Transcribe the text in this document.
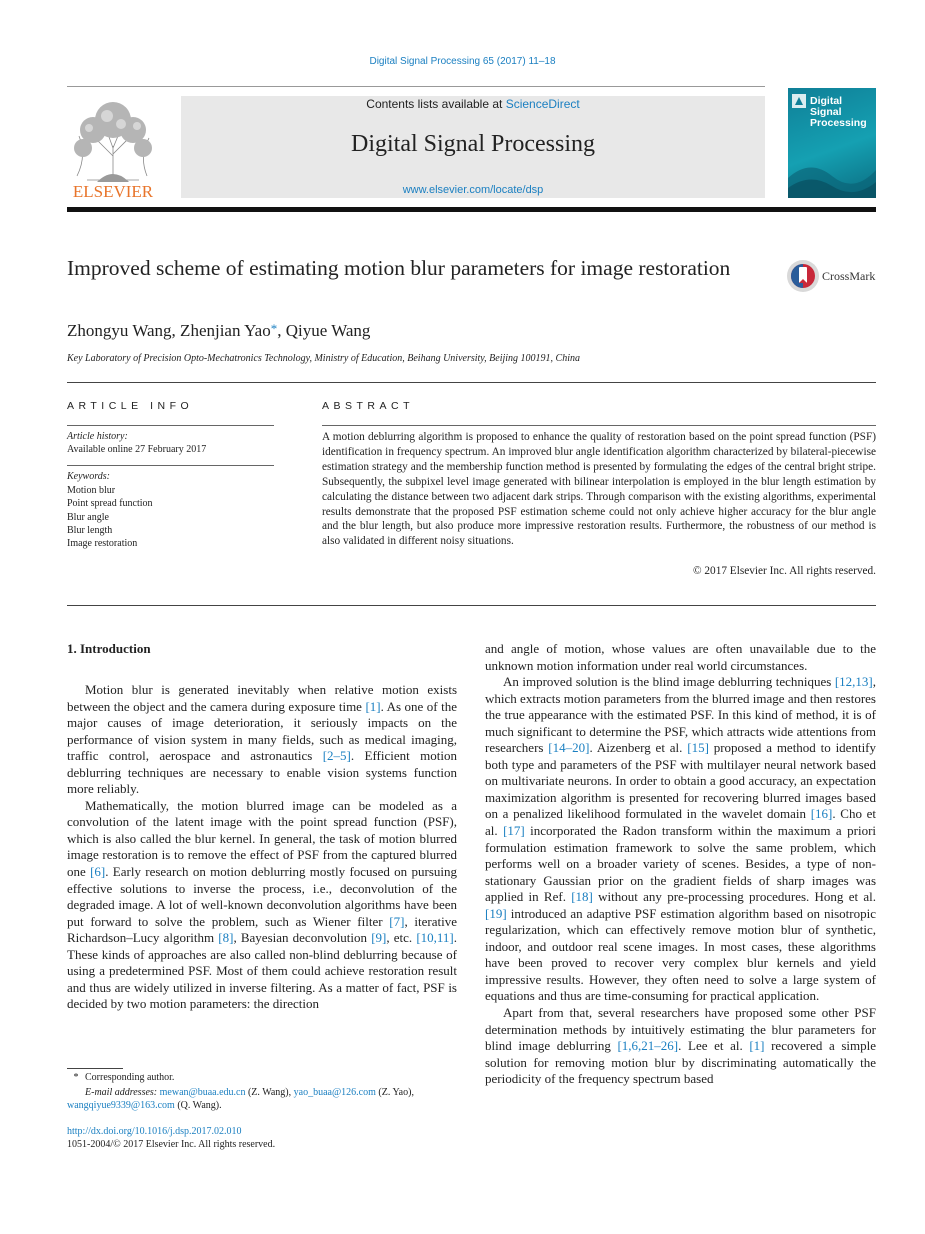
Digital Signal Processing 65 (2017) 11–18
ELSEVIER
Contents lists available at ScienceDirect
Digital Signal Processing
www.elsevier.com/locate/dsp
Digital
Signal
Processing
Improved scheme of estimating motion blur parameters for image restoration	CrossMark
Zhongyu Wang, Zhenjian Yao*, Qiyue Wang
Key Laboratory of Precision Opto-Mechatronics Technology, Ministry of Education, Beihang University, Beijing 100191, China
ARTICLE INFO
Article history:
Available online 27 February 2017
Keywords:
Motion blur
Point spread function
Blur angle
Blur length
Image restoration
ABSTRACT
A motion deblurring algorithm is proposed to enhance the quality of restoration based on the point spread function (PSF) identification in frequency spectrum. An improved blur angle identification algorithm characterized by bilateral-piecewise estimation strategy and the membership function method is presented by formulating the edges of the central bright stripe. Subsequently, the subpixel level image generated with bilinear interpolation is employed in the blur length estimation by calculating the distance between two adjacent dark strips. Through comparison with the existing algorithms, experimental results demonstrate that the proposed PSF estimation scheme could not only achieve higher accuracy for the blur angle and the blur length, but also produce more impressive restoration results. Furthermore, the robustness of our method is also validated in different noisy situations.
© 2017 Elsevier Inc. All rights reserved.
1. Introduction

Motion blur is generated inevitably when relative motion exists between the object and the camera during exposure time [1]. As one of the major causes of image deterioration, it seriously impacts on the performance of vision system in many fields, such as medical imaging, traffic control, aerospace and astronautics [2–5]. Efficient motion deblurring techniques are necessary to enable vision systems function more reliably.

Mathematically, the motion blurred image can be modeled as a convolution of the latent image with the point spread function (PSF), which is also called the blur kernel. In general, the task of motion blurred image restoration is to remove the effect of PSF from the captured blurred one [6]. Early research on motion deblurring mostly focused on pursuing effective solutions to inverse the process, i.e., deconvolution of the degraded image. A lot of well-known deconvolution algorithms have been put forward to solve the problem, such as Wiener filter [7], iterative Richardson–Lucy algorithm [8], Bayesian deconvolution [9], etc. [10,11]. These kinds of approaches are also called non-blind deblurring because of using a predetermined PSF. Most of them could achieve restoration result and thus are widely utilized in inverse filtering. As a matter of fact, PSF is decided by two motion parameters: the direction

and angle of motion, whose values are often unavailable due to the unknown motion information under real world circumstances.

An improved solution is the blind image deblurring techniques [12,13], which extracts motion parameters from the blurred image and then restores the true appearance with the estimated PSF. In this kind of method, it is of much significant to determine the PSF, which attracts wide attentions from researchers [14–20]. Aizenberg et al. [15] proposed a method to identify both type and parameters of the PSF with multilayer neural network based on multivariate neurons. In order to obtain a good accuracy, an expectation maximization algorithm is presented for recovering blurred images based on a penalized likelihood formulated in the wavelet domain [16]. Cho et al. [17] incorporated the Radon transform within the maximum a priori formulation estimation framework to solve the same problem, which performs well on a broader variety of scenes. Besides, a type of non-stationary Gaussian prior on the gradient fields of sharp images was applied in Ref. [18] without any pre-processing procedures. Hong et al. [19] introduced an adaptive PSF estimation algorithm based on nisotropic regularization, which can effectively remove motion blur of synthetic, indoor, and outdoor real scene images. In most cases, these algorithms have been proved to recover very complex blur kernels and yield impressive results. However, they often need to solve a large system of equations and thus are time-consuming for practical application.

Apart from that, several researchers have proposed some other PSF determination methods by intuitively estimating the blur parameters for blind image deblurring [1,6,21–26]. Lee et al. [1] recovered a simple solution for removing motion blur by discriminating automatically the periodicity of the frequency spectrum based

* Corresponding author.
E-mail addresses: mewan@buaa.edu.cn (Z. Wang), yao_buaa@126.com (Z. Yao),
wangqiyue9339@163.com (Q. Wang).
http://dx.doi.org/10.1016/j.dsp.2017.02.010
1051-2004/© 2017 Elsevier Inc. All rights reserved.
